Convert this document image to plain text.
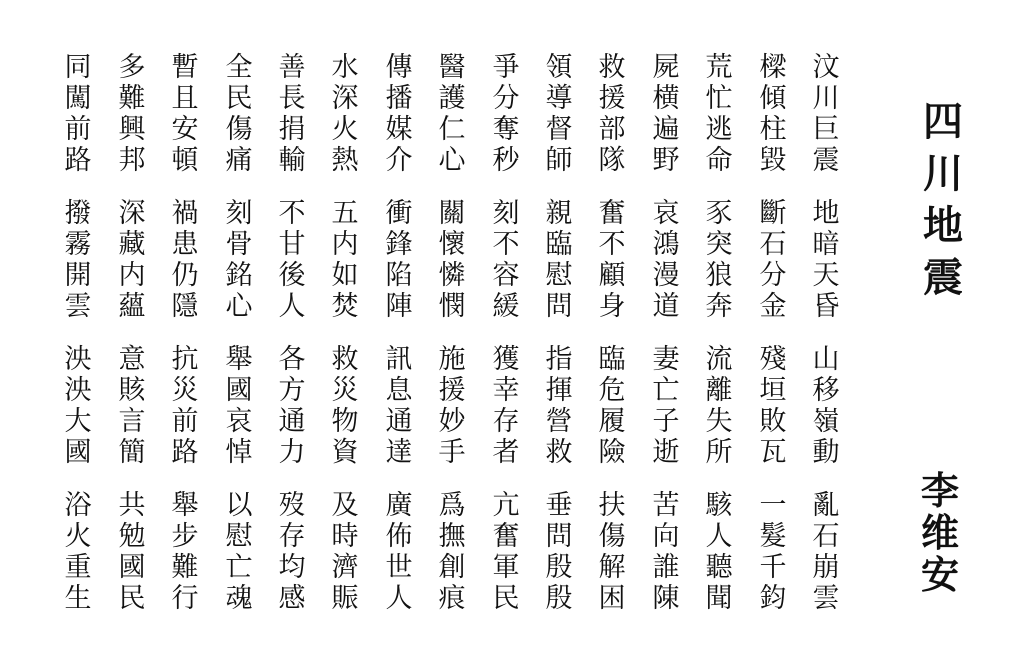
四川地震
李维安
汶川巨震
地暗天昏
山移嶺動
亂石崩雲
樑傾柱毀
斷石分金
殘垣敗瓦
一髮千鈞
荒忙逃命
豕突狼奔
流離失所
駭人聽聞
屍横遍野
哀鴻漫道
妻亡子逝
苦向誰陳
救援部隊
奮不顧身
臨危履險
扶傷解困
領導督師
親臨慰問
指揮營救
垂問殷殷
爭分奪秒
刻不容緩
獲幸存者
亢奮軍民
醫護仁心
關懷憐憫
施援妙手
爲撫創痕
傳播媒介
衝鋒陷陣
訊息通達
廣佈世人
水深火熱
五内如焚
救災物資
及時濟賑
善長捐輸
不甘後人
各方通力
歿存均感
全民傷痛
刻骨銘心
舉國哀悼
以慰亡魂
暫且安頓
禍患仍隱
抗災前路
舉步難行
多難興邦
深藏内蘊
意賅言簡
共勉國民
同闖前路
撥霧開雲
泱泱大國
浴火重生
